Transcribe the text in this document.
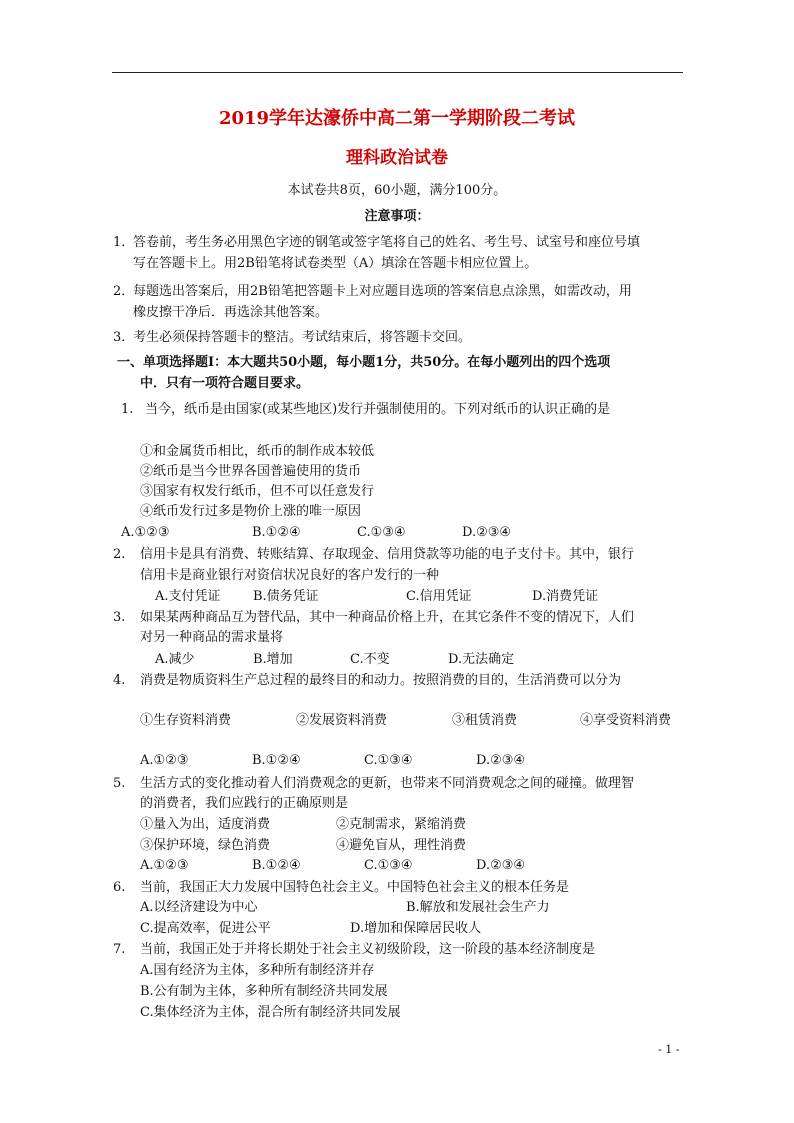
2019学年达濠侨中高二第一学期阶段二考试
理科政治试卷
本试卷共8页，60小题，满分100分。
注意事项：
1．
答卷前，考生务必用黑色字迹的钢笔或签字笔将自己的姓名、考生号、试室号和座位号填
写在答题卡上。用2B铅笔将试卷类型（A）填涂在答题卡相应位置上。
2．
每题选出答案后，用2B铅笔把答题卡上对应题目选项的答案信息点涂黑，如需改动，用
橡皮擦干净后．再选涂其他答案。
3．
考生必须保持答题卡的整洁。考试结束后，将答题卡交回。
一、单项选择题Ⅰ：本大题共50小题，每小题1分，共50分。在每小题列出的四个选项
中．只有一项符合题目要求。
1. 当今，纸币是由国家(或某些地区)发行并强制使用的。下列对纸币的认识正确的是
①和金属货币相比，纸币的制作成本较低
②纸币是当今世界各国普遍使用的货币
③国家有权发行纸币，但不可以任意发行
④纸币发行过多是物价上涨的唯一原因
A.①②③	B.①②④	C.①③④	D.②③④
2. 信用卡是具有消费、转账结算、存取现金、信用贷款等功能的电子支付卡。其中，银行
信用卡是商业银行对资信状况良好的客户发行的一种
A.支付凭证 B.债务凭证	C.信用凭证	D.消费凭证
3. 如果某两种商品互为替代品，其中一种商品价格上升，在其它条件不变的情况下，人们
对另一种商品的需求量将
A.减少	B.增加	C.不变	D.无法确定
4. 消费是物质资料生产总过程的最终目的和动力。按照消费的目的，生活消费可以分为
①生存资料消费	②发展资料消费	③租赁消费	④享受资料消费
A.①②③	B.①②④	C.①③④	D.②③④
5. 生活方式的变化推动着人们消费观念的更新，也带来不同消费观念之间的碰撞。做理智
的消费者，我们应践行的正确原则是
①量入为出，适度消费	②克制需求，紧缩消费
③保护环境，绿色消费	④避免盲从，理性消费
A.①②③	B.①②④	C.①③④	D.②③④
6. 当前，我国正大力发展中国特色社会主义。中国特色社会主义的根本任务是
A.以经济建设为中心	B.解放和发展社会生产力
C.提高效率，促进公平	D.增加和保障居民收人
7. 当前，我国正处于并将长期处于社会主义初级阶段，这一阶段的基本经济制度是
A.国有经济为主体，多种所有制经济并存
B.公有制为主体，多种所有制经济共同发展
C.集体经济为主体，混合所有制经济共同发展
- 1 -
